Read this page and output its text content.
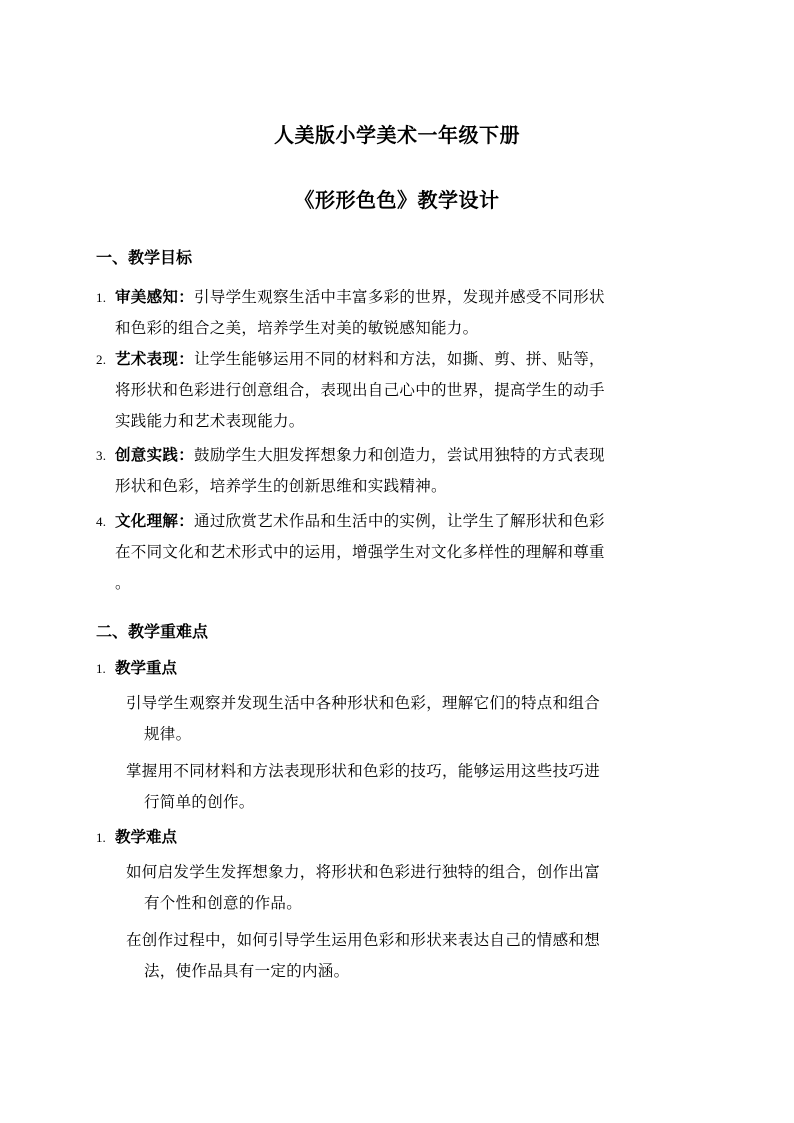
人美版小学美术一年级下册
《形形色色》教学设计
一、教学目标
1. 审美感知：引导学生观察生活中丰富多彩的世界，发现并感受不同形状
和色彩的组合之美，培养学生对美的敏锐感知能力。
2. 艺术表现：让学生能够运用不同的材料和方法，如撕、剪、拼、贴等，
将形状和色彩进行创意组合，表现出自己心中的世界，提高学生的动手
实践能力和艺术表现能力。
3. 创意实践：鼓励学生大胆发挥想象力和创造力，尝试用独特的方式表现
形状和色彩，培养学生的创新思维和实践精神。
4. 文化理解：通过欣赏艺术作品和生活中的实例，让学生了解形状和色彩
在不同文化和艺术形式中的运用，增强学生对文化多样性的理解和尊重
。
二、教学重难点
1. 教学重点
引导学生观察并发现生活中各种形状和色彩，理解它们的特点和组合
规律。
掌握用不同材料和方法表现形状和色彩的技巧，能够运用这些技巧进
行简单的创作。
1. 教学难点
如何启发学生发挥想象力，将形状和色彩进行独特的组合，创作出富
有个性和创意的作品。
在创作过程中，如何引导学生运用色彩和形状来表达自己的情感和想
法，使作品具有一定的内涵。
